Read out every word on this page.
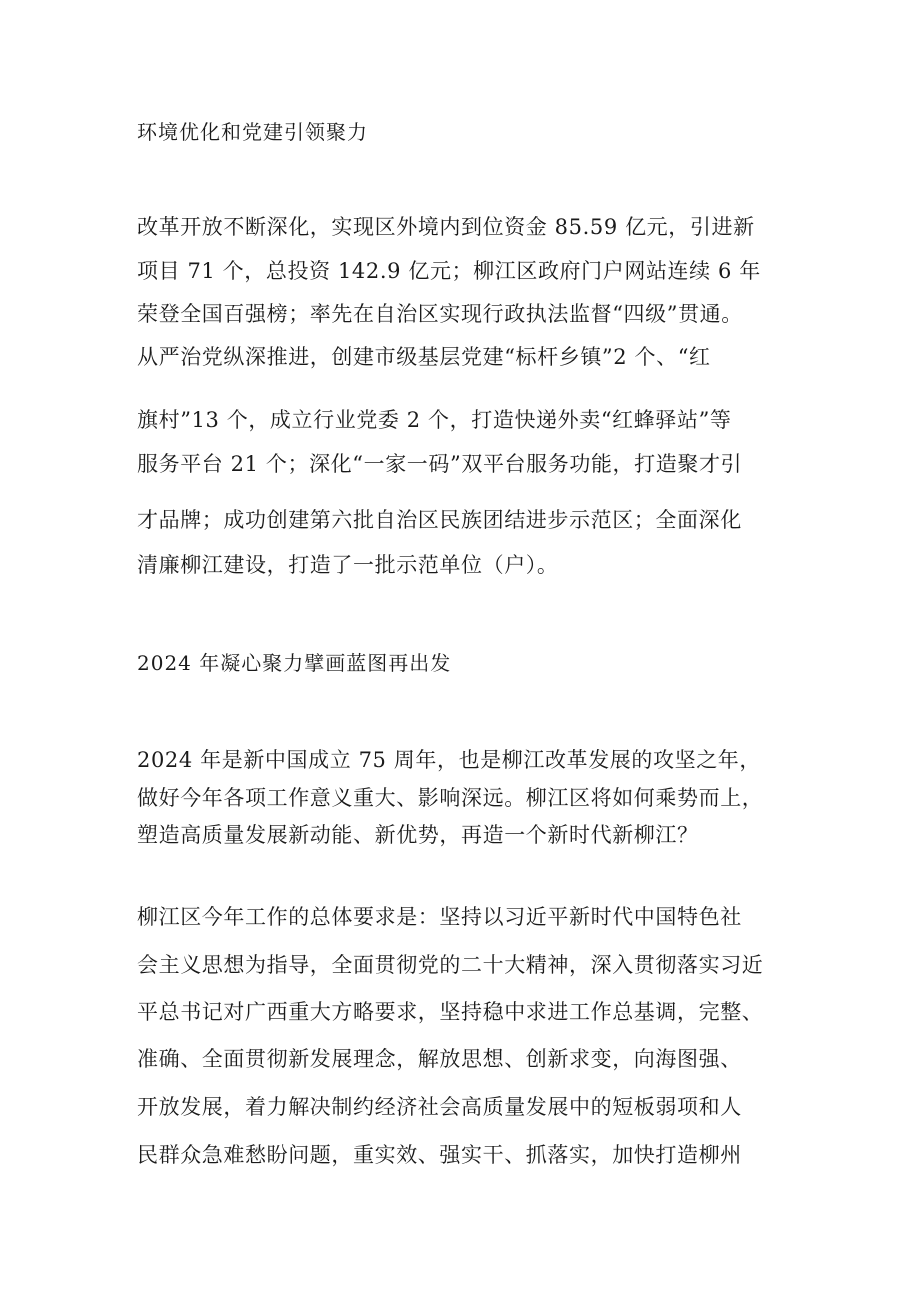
环境优化和党建引领聚力

改革开放不断深化，实现区外境内到位资金 85.59 亿元，引进新

项目 71 个，总投资 142.9 亿元；柳江区政府门户网站连续 6 年

荣登全国百强榜；率先在自治区实现行政执法监督“四级”贯通。

从严治党纵深推进，创建市级基层党建“标杆乡镇”2 个、“红

旗村”13 个，成立行业党委 2 个，打造快递外卖“红蜂驿站”等

服务平台 21 个；深化“一家一码”双平台服务功能，打造聚才引

才品牌；成功创建第六批自治区民族团结进步示范区；全面深化

清廉柳江建设，打造了一批示范单位（户）。

2024 年凝心聚力擘画蓝图再出发

2024 年是新中国成立 75 周年，也是柳江改革发展的攻坚之年，

做好今年各项工作意义重大、影响深远。柳江区将如何乘势而上，

塑造高质量发展新动能、新优势，再造一个新时代新柳江？

柳江区今年工作的总体要求是：坚持以习近平新时代中国特色社

会主义思想为指导，全面贯彻党的二十大精神，深入贯彻落实习近

平总书记对广西重大方略要求，坚持稳中求进工作总基调，完整、

准确、全面贯彻新发展理念，解放思想、创新求变，向海图强、

开放发展，着力解决制约经济社会高质量发展中的短板弱项和人

民群众急难愁盼问题，重实效、强实干、抓落实，加快打造柳州
